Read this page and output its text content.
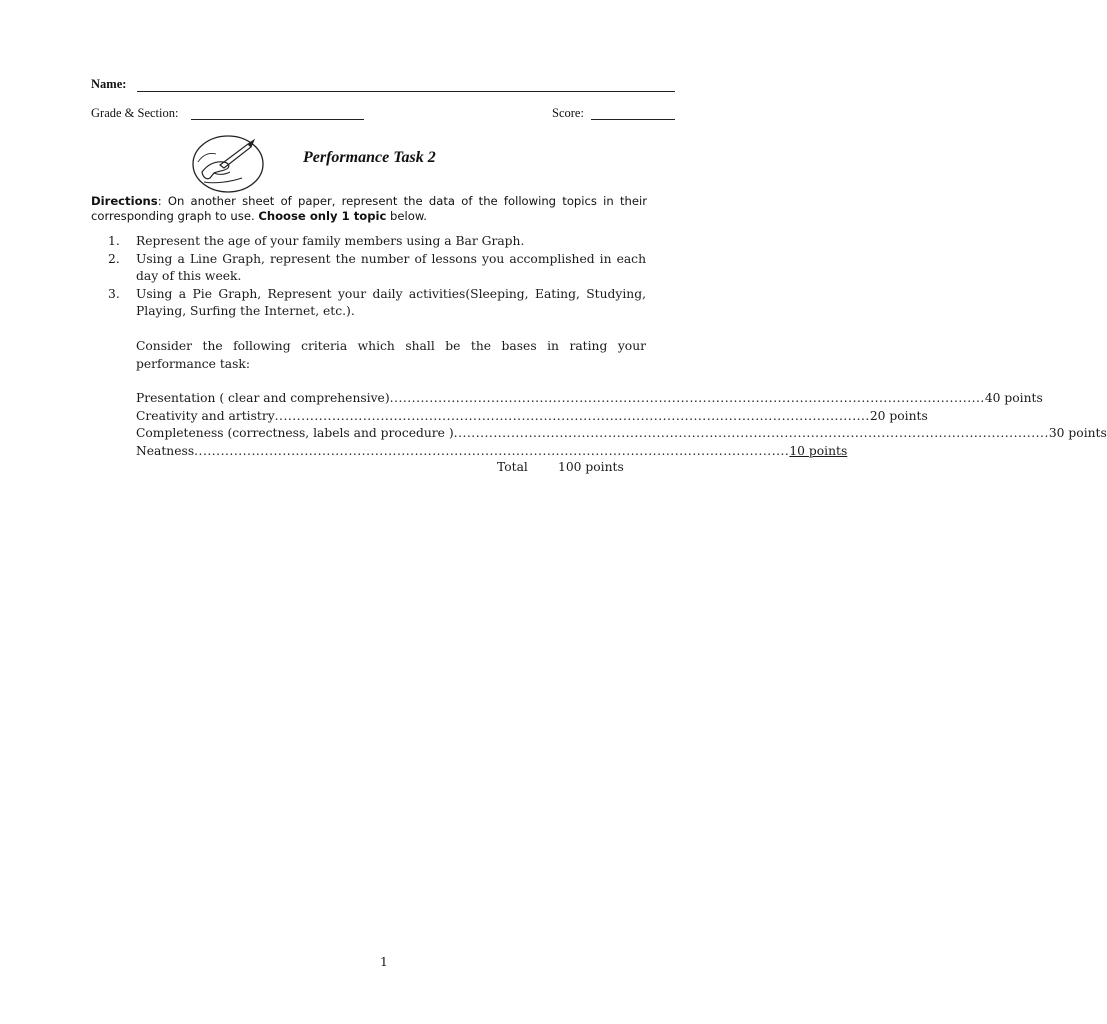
Name:
Grade & Section:	Score:
Performance Task 2
Directions: On another sheet of paper, represent the data of the following topics in their corresponding graph to use. Choose only 1 topic below.
1. Represent the age of your family members using a Bar Graph.
2. Using a Line Graph, represent the number of lessons you accomplished in each day of this week.
3. Using a Pie Graph, Represent your daily activities(Sleeping, Eating, Studying, Playing, Surfing the Internet, etc.).
Consider the following criteria which shall be the bases in rating your performance task:
Presentation ( clear and comprehensive) ....................................................................................................................................... 40 points
Creativity and artistry ....................................................................................................................................... 20 points
Completeness (correctness, labels and procedure ) ....................................................................................................................................... 30 points
Neatness ....................................................................................................................................... 10 points
Total 100 points
1
